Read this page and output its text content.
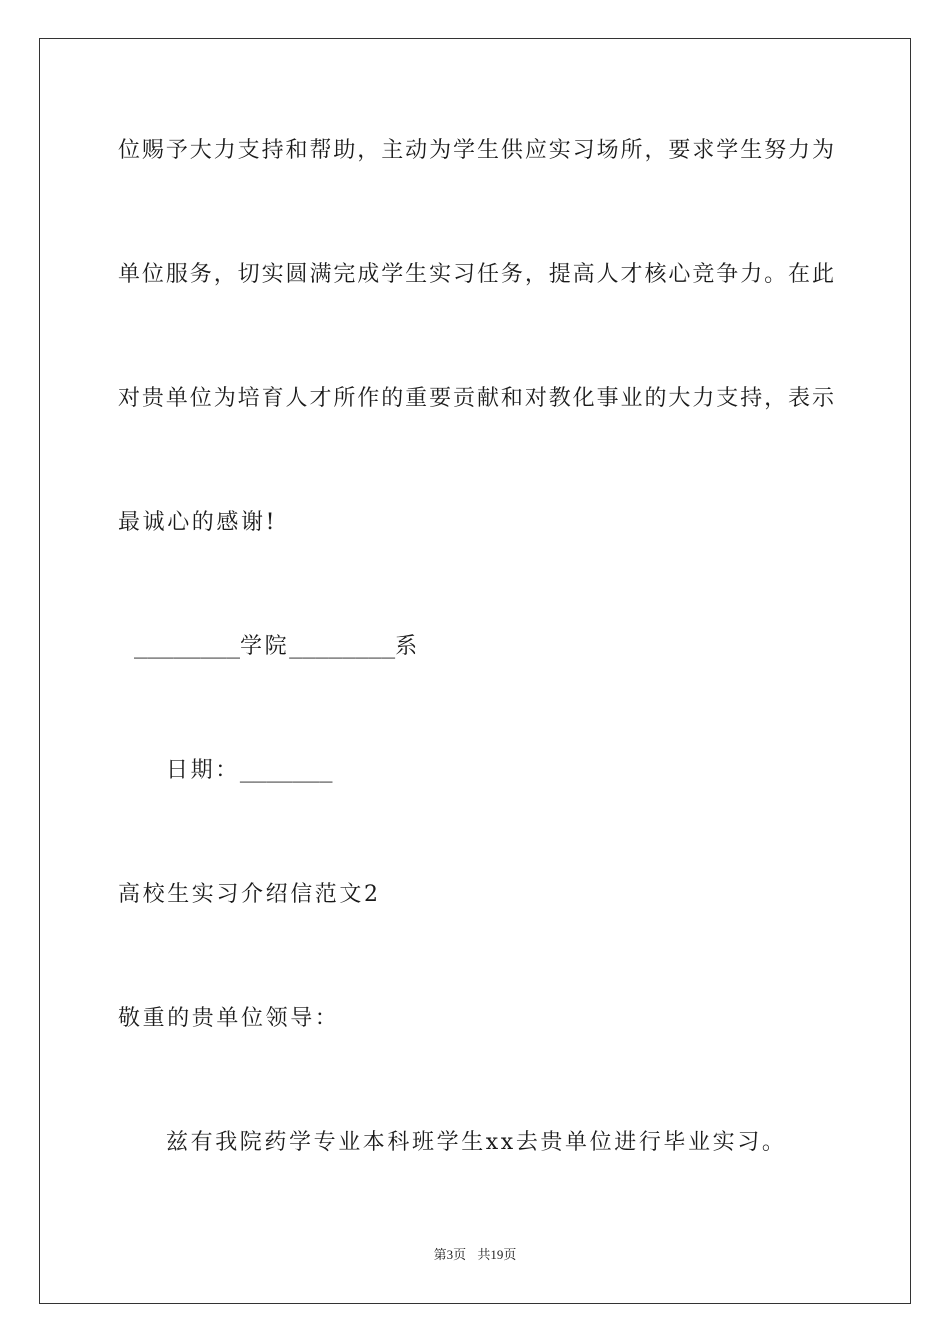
位赐予大力支持和帮助，主动为学生供应实习场所，要求学生努力为
单位服务，切实圆满完成学生实习任务，提高人才核心竞争力。在此
对贵单位为培育人才所作的重要贡献和对教化事业的大力支持，表示
最诚心的感谢!
________学院________系
日期：_______
高校生实习介绍信范文2
敬重的贵单位领导：
兹有我院药学专业本科班学生xx去贵单位进行毕业实习。
第3页 共19页
